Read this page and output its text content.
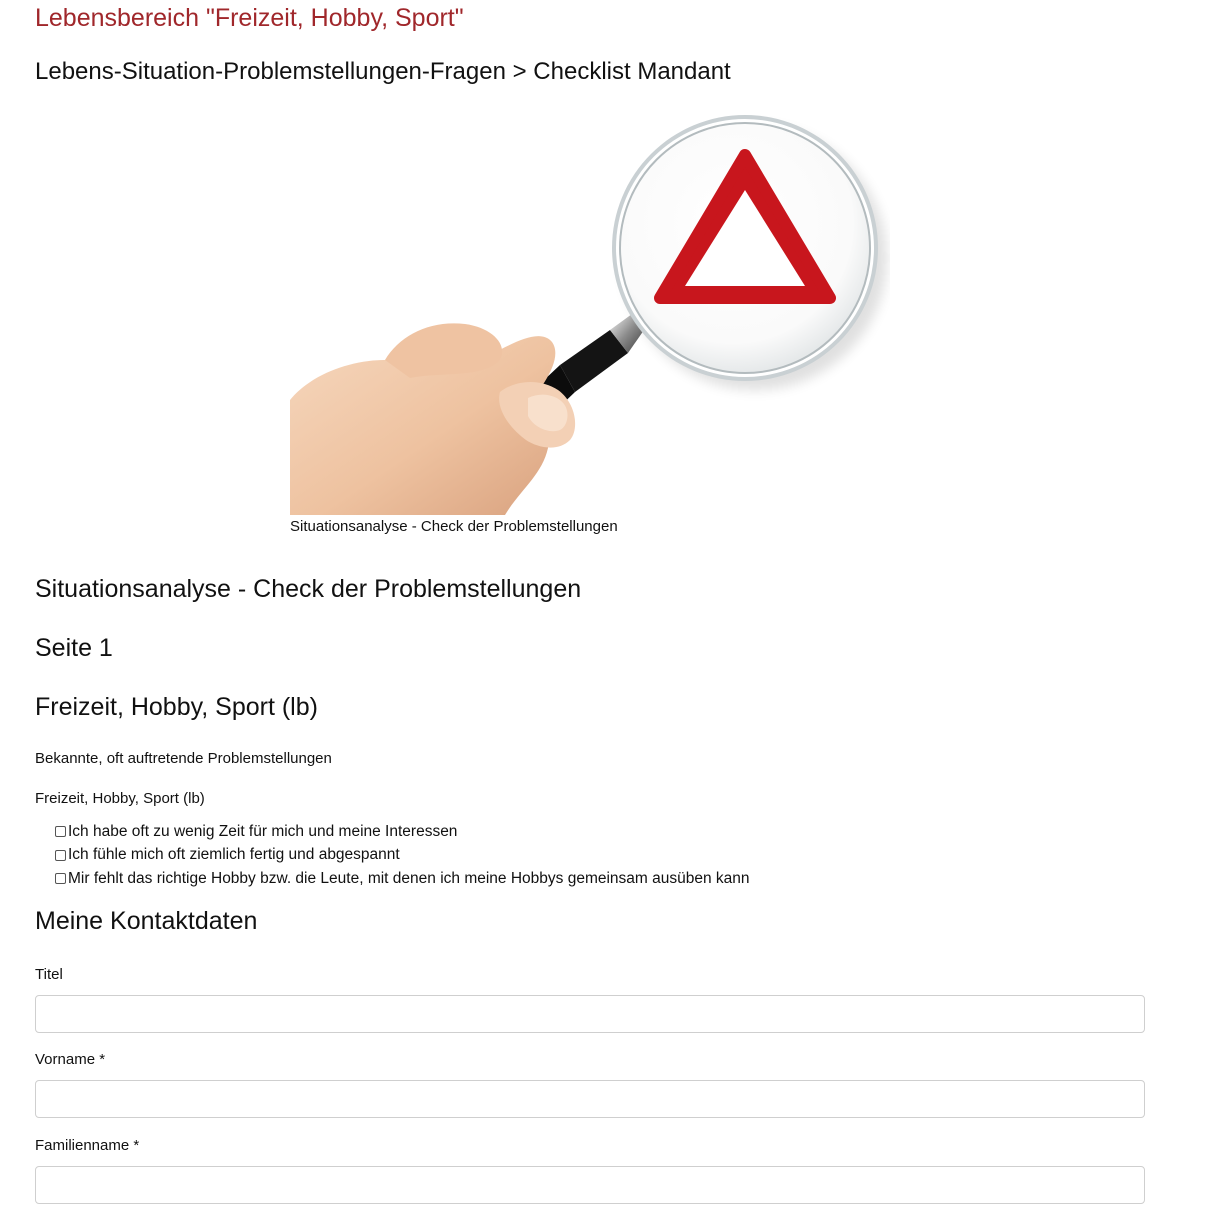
Lebensbereich "Freizeit, Hobby, Sport"
Lebens-Situation-Problemstellungen-Fragen > Checklist Mandant
Situationsanalyse - Check der Problemstellungen
Situationsanalyse - Check der Problemstellungen
Seite 1
Freizeit, Hobby, Sport (lb)
Bekannte, oft auftretende Problemstellungen
Freizeit, Hobby, Sport (lb)
Ich habe oft zu wenig Zeit für mich und meine Interessen
Ich fühle mich oft ziemlich fertig und abgespannt
Mir fehlt das richtige Hobby bzw. die Leute, mit denen ich meine Hobbys gemeinsam ausüben kann
Meine Kontaktdaten
Titel
Vorname *
Familienname *
